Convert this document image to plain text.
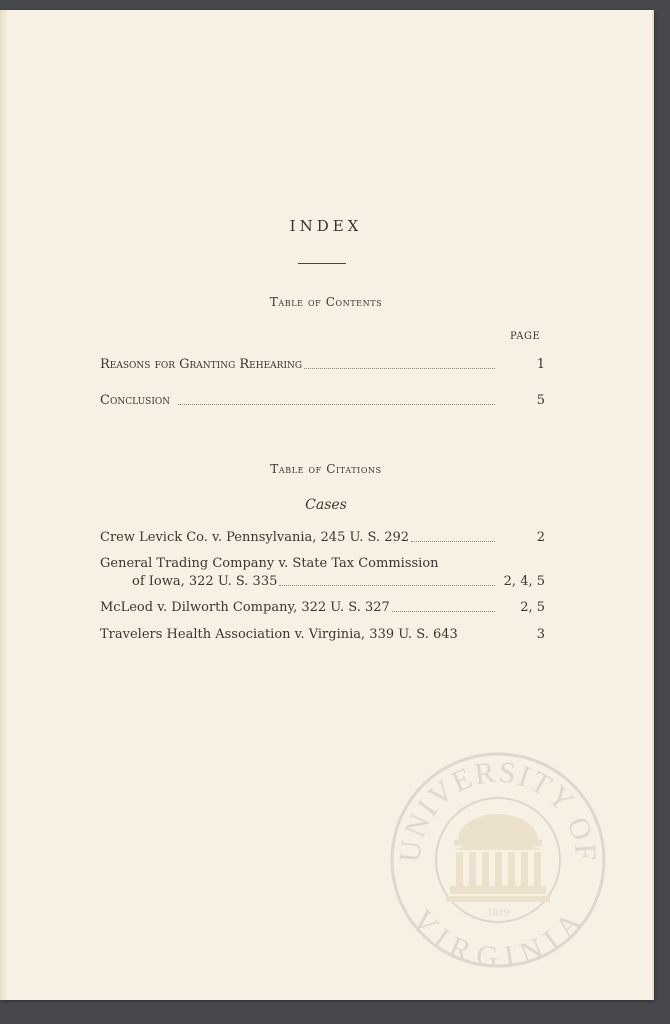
INDEX
Table of Contents
PAGE
Reasons for Granting Rehearing	1
Conclusion	5
Table of Citations
Cases
Crew Levick Co. v. Pennsylvania, 245 U. S. 292	2
General Trading Company v. State Tax Commission
of Iowa, 322 U. S. 335	2, 4, 5
McLeod v. Dilworth Company, 322 U. S. 327	2, 5
Travelers Health Association v. Virginia, 339 U. S. 643	3
UNIVERSITY OF
VIRGINIA
1819
